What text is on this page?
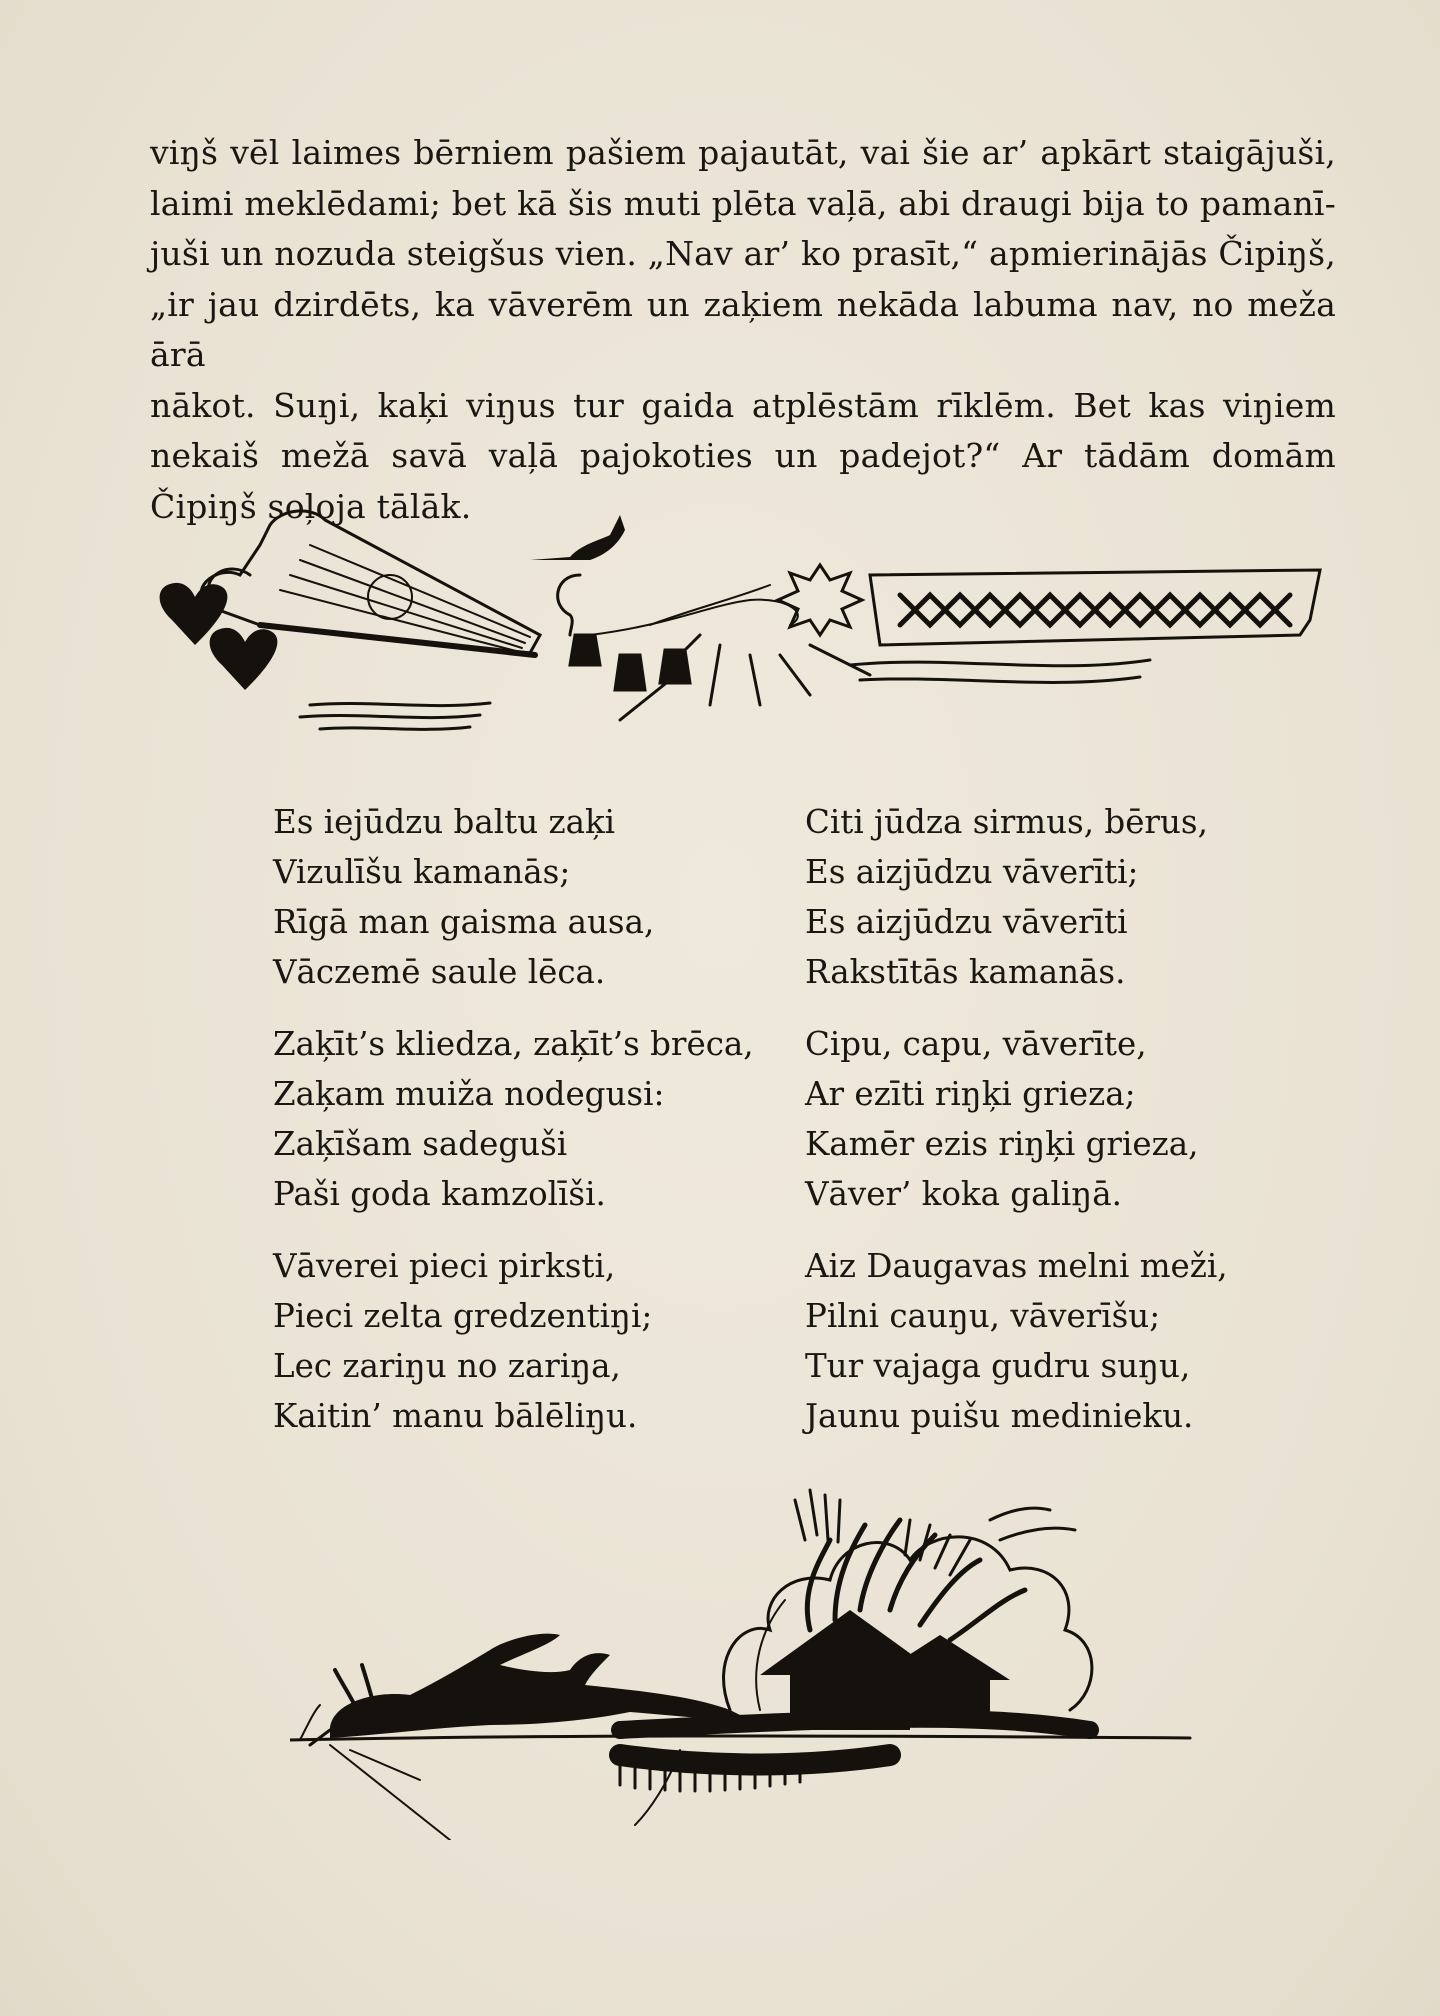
viŋš vēl laimes bērniem pašiem pajautāt, vai šie ar’ apkārt staigājuši,

laimi meklēdami; bet kā šis muti plēta vaļā, abi draugi bija to pamanī-

juši un nozuda steigšus vien. „Nav ar’ ko prasīt,“ apmierinājās Čipiŋš,

„ir jau dzirdēts, ka vāverēm un zaķiem nekāda labuma nav, no meža ārā

nākot. Suŋi, kaķi viŋus tur gaida atplēstām rīklēm. Bet kas viŋiem

nekaiš mežā savā vaļā pajokoties un padejot?“ Ar tādām domām

Čipiŋš soļoja tālāk.

Es iejūdzu baltu zaķi
Vizulīšu kamanās;
Rīgā man gaisma ausa,
Vāczemē saule lēca.
Zaķīt’s kliedza, zaķīt’s brēca,
Zaķam muiža nodegusi:
Zaķīšam sadeguši
Paši goda kamzolīši.
Vāverei pieci pirksti,
Pieci zelta gredzentiŋi;
Lec zariŋu no zariŋa,
Kaitin’ manu bālēliŋu.
Citi jūdza sirmus, bērus,
Es aizjūdzu vāverīti;
Es aizjūdzu vāverīti
Rakstītās kamanās.
Cipu, capu, vāverīte,
Ar ezīti riŋķi grieza;
Kamēr ezis riŋķi grieza,
Vāver’ koka galiŋā.
Aiz Daugavas melni meži,
Pilni cauŋu, vāverīšu;
Tur vajaga gudru suŋu,
Jaunu puišu medinieku.
